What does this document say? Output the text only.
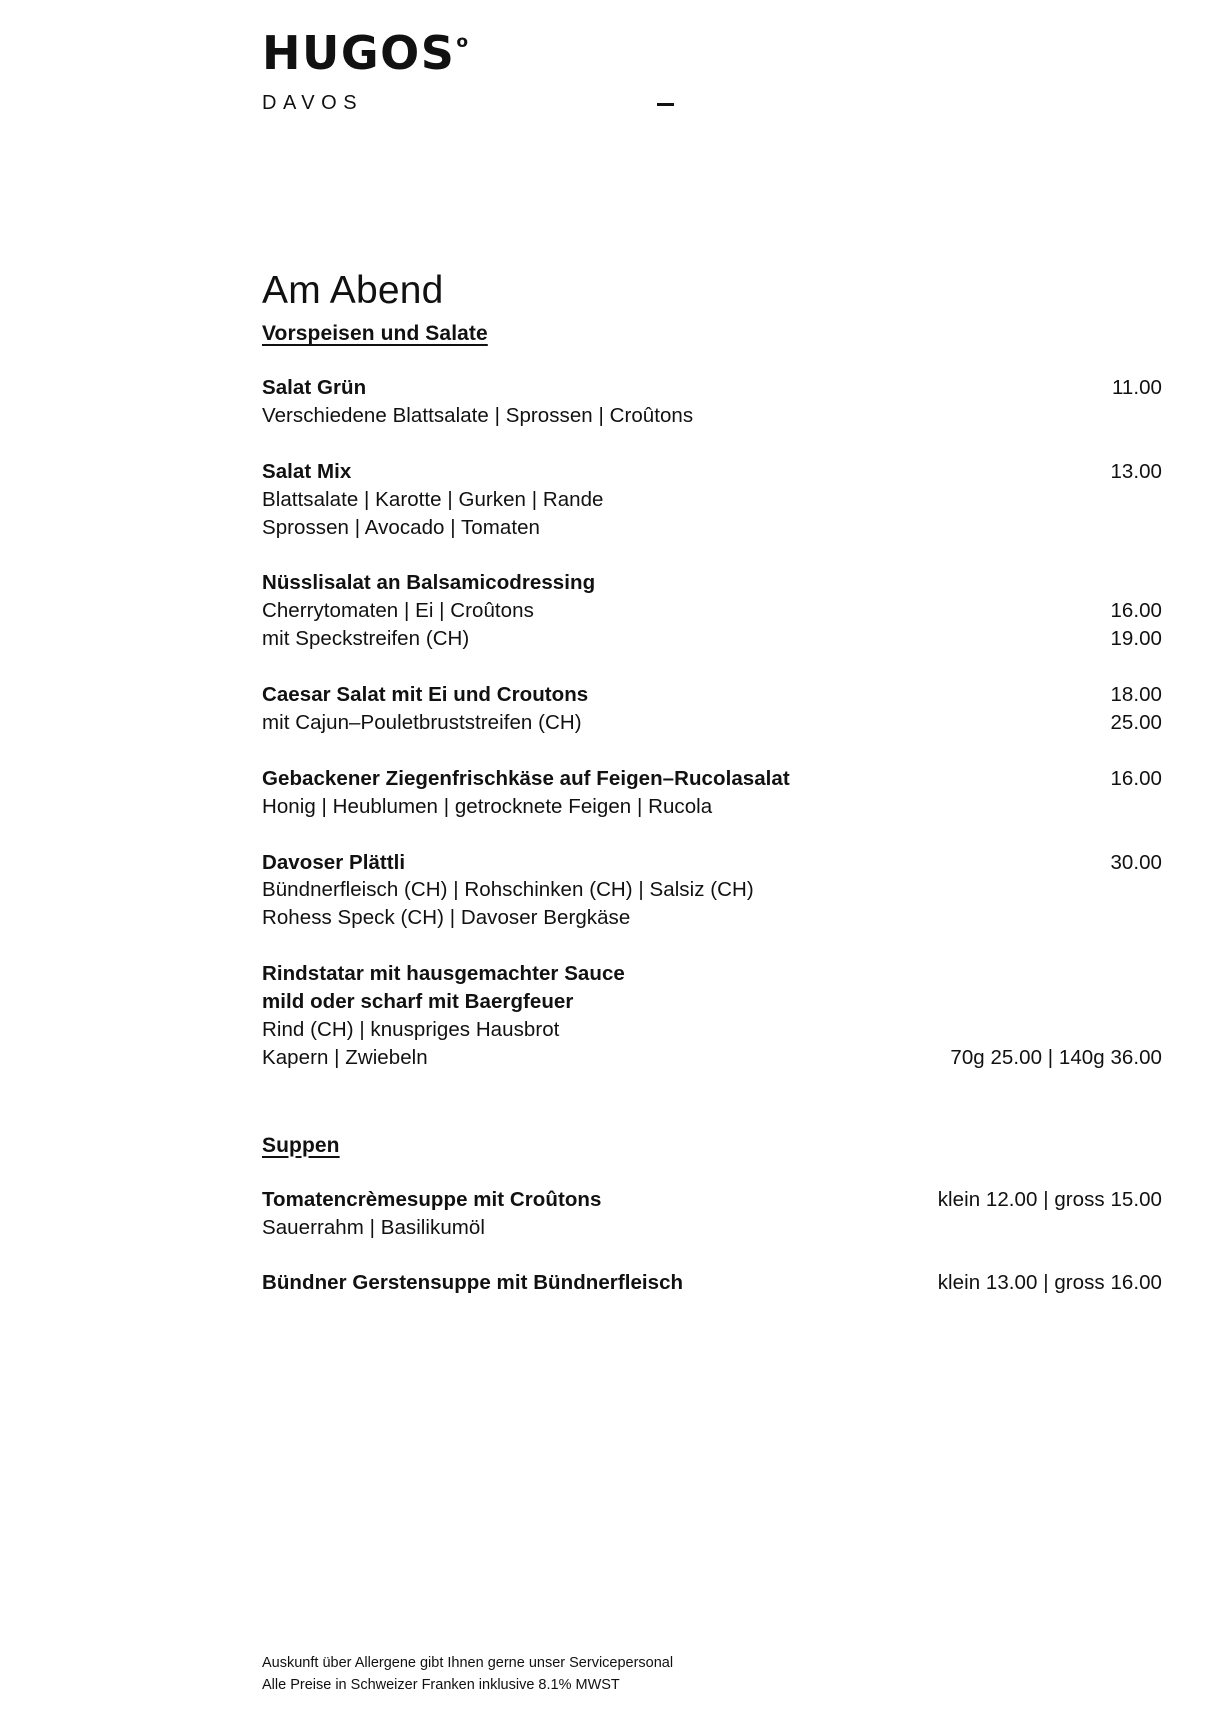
HUGOS$^o$
DAVOS
Am Abend
Vorspeisen und Salate
Salat Grün	11.00
Verschiedene Blattsalate | Sprossen | Croûtons
Salat Mix	13.00
Blattsalate | Karotte | Gurken | Rande
Sprossen | Avocado | Tomaten
Nüsslisalat an Balsamicodressing
Cherrytomaten | Ei | Croûtons	16.00
mit Speckstreifen (CH)	19.00
Caesar Salat mit Ei und Croutons	18.00
mit Cajun–Pouletbruststreifen (CH)	25.00
Gebackener Ziegenfrischkäse auf Feigen–Rucolasalat	16.00
Honig | Heublumen | getrocknete Feigen | Rucola
Davoser Plättli	30.00
Bündnerfleisch (CH) | Rohschinken (CH) | Salsiz (CH)
Rohess Speck (CH) | Davoser Bergkäse
Rindstatar mit hausgemachter Sauce
mild oder scharf mit Baergfeuer
Rind (CH) | knuspriges Hausbrot
Kapern | Zwiebeln	70g 25.00 | 140g 36.00
Suppen
Tomatencrèmesuppe mit Croûtons	klein 12.00 | gross 15.00
Sauerrahm | Basilikumöl
Bündner Gerstensuppe mit Bündnerfleisch	klein 13.00 | gross 16.00
Auskunft über Allergene gibt Ihnen gerne unser Servicepersonal
Alle Preise in Schweizer Franken inklusive 8.1% MWST
